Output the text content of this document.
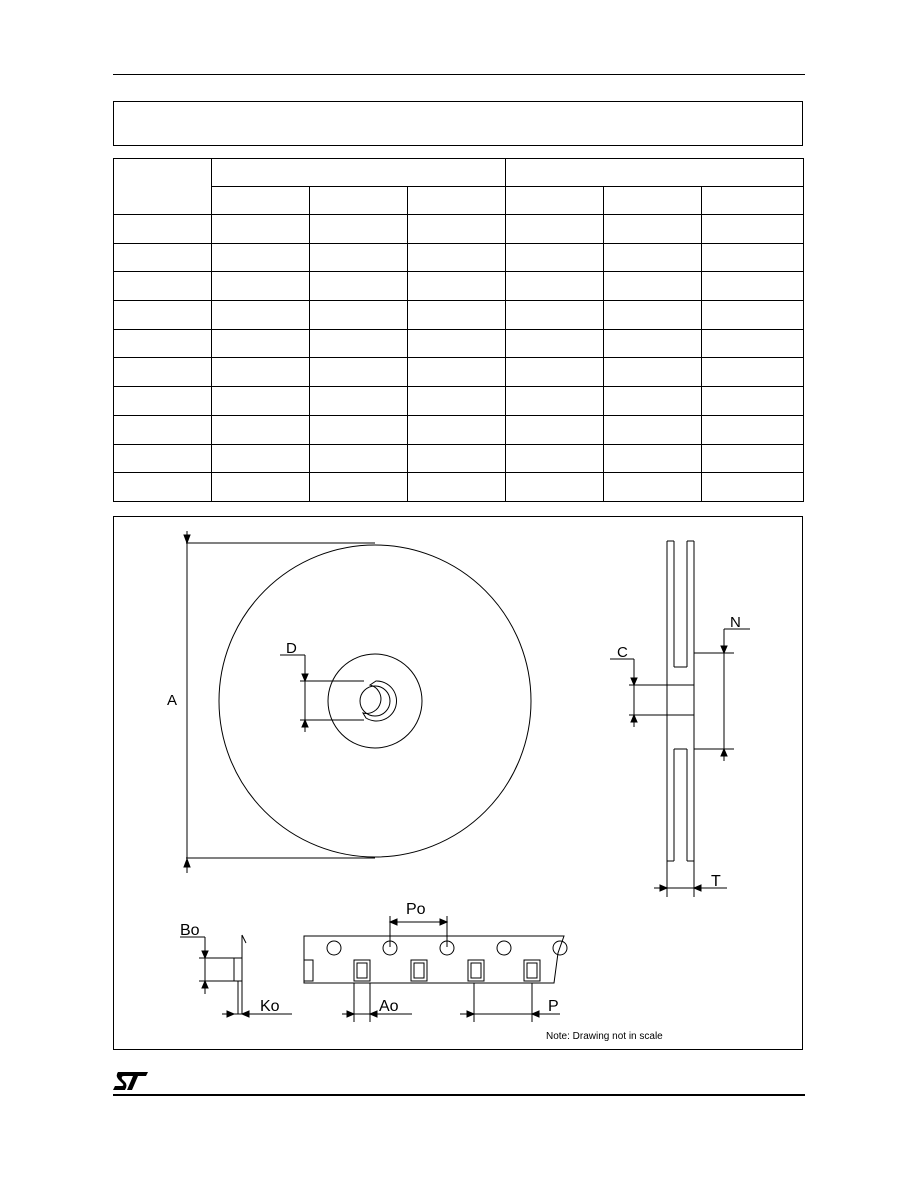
A
D	C
N
T
Bo
Ko
Po
Ao	P
Note: Drawing not in scale
